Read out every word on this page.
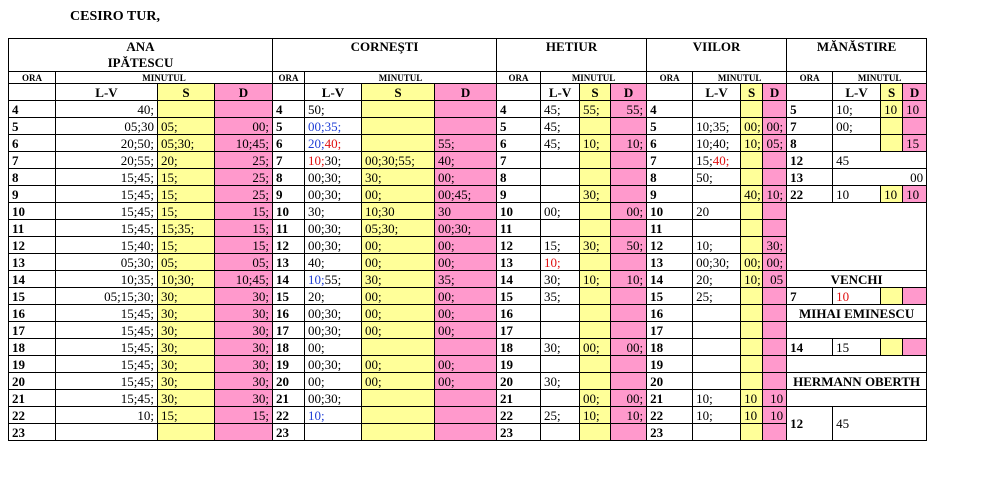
CESIRO TUR,
ANA
IPĂTESCU				CORNEŞTI				HETIUR				VIILOR				MĂNĂSTIRE			

ORA	MINUTUL			ORA	MINUTUL			ORA	MINUTUL			ORA	MINUTUL			ORA	MINUTUL		
	L-V	S	D		L-V	S	D		L-V	S	D		L-V	S	D		L-V	S	D
4	40;			4	50;			4	45;	55;	55;	4				5	10;	10	10
5	05;30	05;	00;	5	00;35;			5	45;			5	10;35;	00;	00;	7	00;		
6	20;50;	05;30;	10;45;	6	20;40;		55;	6	45;	10;	10;	6	10;40;	10;	05;	8			15
7	20;55;	20;	25;	7	10;30;	00;30;55;	40;	7				7	15;40;			12	45		
8	15;45;	15;	25;	8	00;30;	30;	00;	8				8	50;			13			00
9	15;45;	15;	25;	9	00;30;	00;	00;45;	9		30;		9		40;	10;	22	10	10	10
10	15;45;	15;	15;	10	30;	10;30	30	10	00;		00;	10	20						
11	15;45;	15;35;	15;	11	00;30;	05;30;	00;30;	11				11							
12	15;40;	15;	15;	12	00;30;	00;	00;	12	15;	30;	50;	12	10;		30;				
13	05;30;	05;	05;	13	40;	00;	00;	13	10;			13	00;30;	00;	00;				
14	10;35;	10;30;	10;45;	14	10;55;	30;	35;	14	30;	10;	10;	14	20;	10;	05	VENCHI			
15	05;15;30;	30;	30;	15	20;	00;	00;	15	35;			15	25;			7	10		
16	15;45;	30;	30;	16	00;30;	00;	00;	16				16				MIHAI EMINESCU			
17	15;45;	30;	30;	17	00;30;	00;	00;	17				17							
18	15;45;	30;	30;	18	00;			18	30;	00;	00;	18				14	15		
19	15;45;	30;	30;	19	00;30;	00;	00;	19				19							
20	15;45;	30;	30;	20	00;	00;	00;	20	30;			20				HERMANN OBERTH			
21	15;45;	30;	30;	21	00;30;			21		00;	00;	21	10;	10	10				
22	10;	15;	15;	22	10;			22	25;	10;	10;	22	10;	10	10	12	45		
23				23				23				23							
